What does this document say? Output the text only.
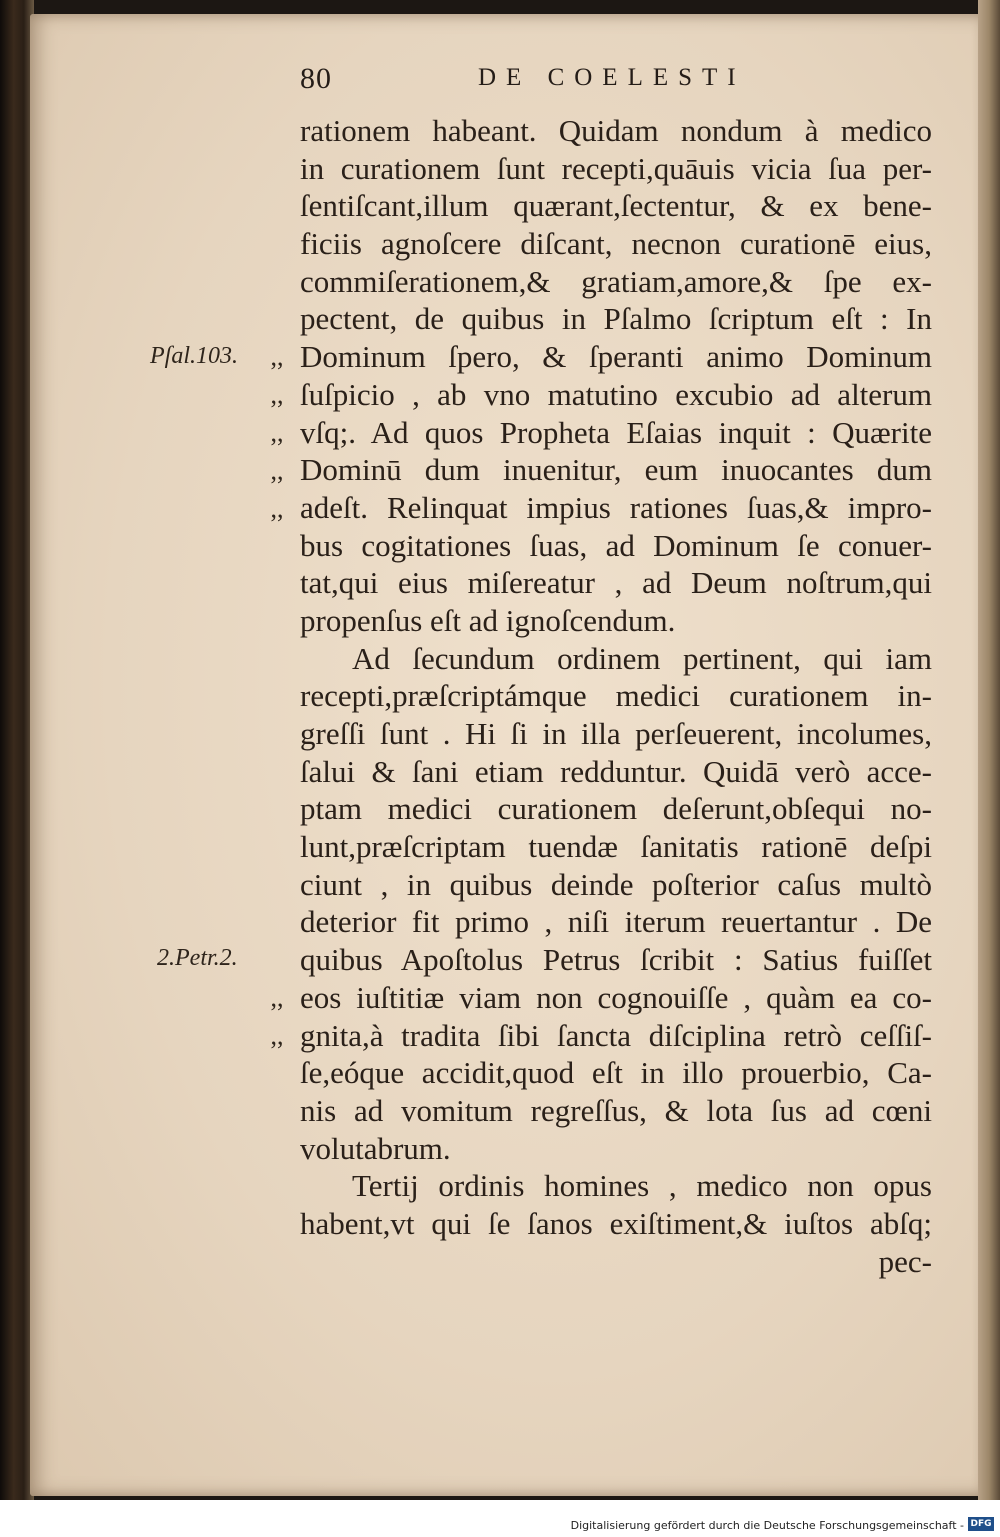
80	DE COELESTI
Pſal.103.
2.Petr.2.
,,
,,
,,
,,
,,
,,
,,
rationem habeant. Quidam nondum à medico
in curationem ſunt recepti,quāuis vicia ſua per-
ſentiſcant,illum quærant,ſectentur, & ex bene-
ficiis agnoſcere diſcant, necnon curationē eius,
commiſerationem,& gratiam,amore,& ſpe ex-
pectent, de quibus in Pſalmo ſcriptum eſt : In
Dominum ſpero, & ſperanti animo Dominum
ſuſpicio , ab vno matutino excubio ad alterum
vſq;. Ad quos Propheta Eſaias inquit : Quærite
Dominū dum inuenitur, eum inuocantes dum
adeſt. Relinquat impius rationes ſuas,& impro-
bus cogitationes ſuas, ad Dominum ſe conuer-
tat,qui eius miſereatur , ad Deum noſtrum,qui
propenſus eſt ad ignoſcendum.
Ad ſecundum ordinem pertinent, qui iam
recepti,præſcriptámque medici curationem in-
greſſi ſunt . Hi ſi in illa perſeuerent, incolumes,
ſalui & ſani etiam redduntur. Quidā verò acce-
ptam medici curationem deſerunt,obſequi no-
lunt,præſcriptam tuendæ ſanitatis rationē deſpi
ciunt , in quibus deinde poſterior caſus multò
deterior fit primo , niſi iterum reuertantur . De
quibus Apoſtolus Petrus ſcribit : Satius fuiſſet
eos iuſtitiæ viam non cognouiſſe , quàm ea co-
gnita,à tradita ſibi ſancta diſciplina retrò ceſſiſ-
ſe,eóque accidit,quod eſt in illo prouerbio, Ca-
nis ad vomitum regreſſus, & lota ſus ad cœni
volutabrum.
Tertij ordinis homines , medico non opus
habent,vt qui ſe ſanos exiſtiment,& iuſtos abſq;
pec-
Digitalisierung gefördert durch die Deutsche Forschungsgemeinschaft - DFG
